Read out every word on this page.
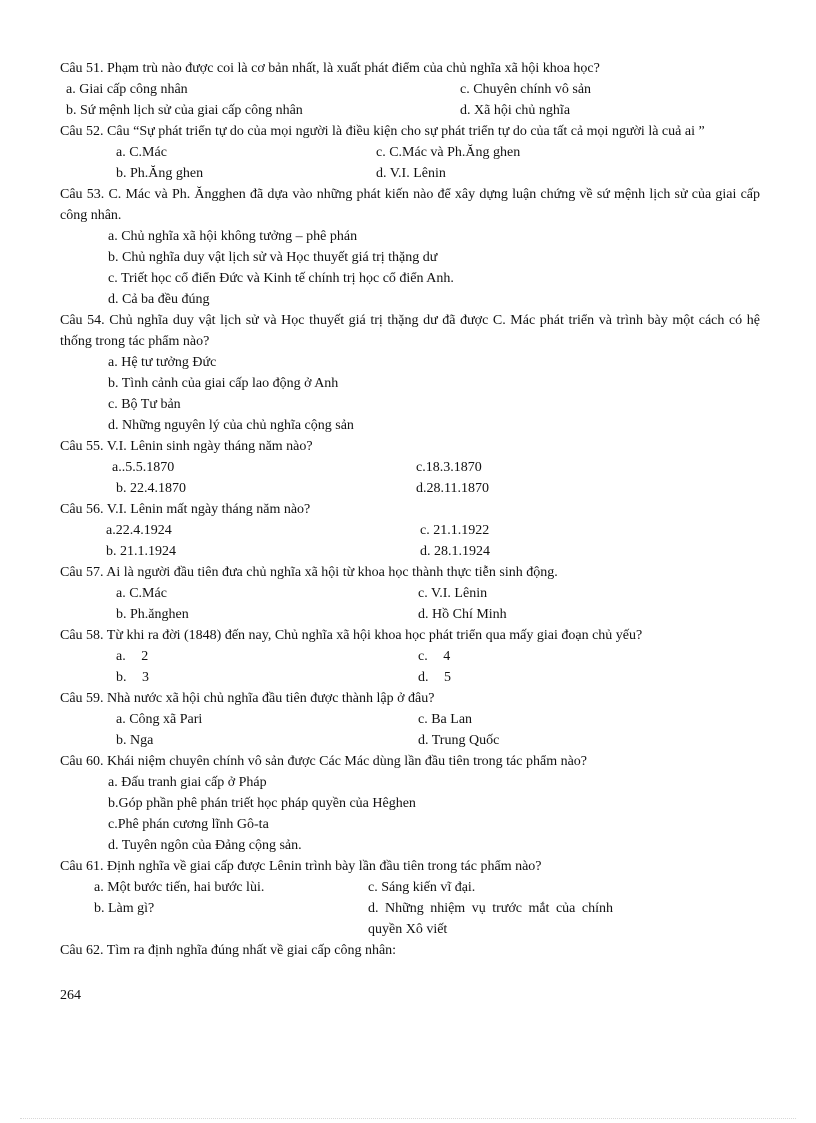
Câu 51. Phạm trù nào được coi là cơ bản nhất, là xuất phát điểm của chủ nghĩa xã hội khoa học?
a. Giai cấp công nhân	c. Chuyên chính vô sản
b. Sứ mệnh lịch sử của giai cấp công nhân	d. Xã hội chủ nghĩa
Câu 52. Câu “Sự phát triển tự do của mọi người là điều kiện cho sự phát triển tự do của tất cả mọi người là cuả ai ”
a. C.Mác	c. C.Mác và Ph.Ăng ghen
b. Ph.Ăng ghen	d. V.I. Lênin
Câu 53. C. Mác và Ph. Ăngghen đã dựa vào những phát kiến nào để xây dựng luận chứng về sứ mệnh lịch sử của giai cấp công nhân.
a. Chủ nghĩa xã hội không tưởng – phê phán
b. Chủ nghĩa duy vật lịch sử và Học thuyết giá trị thặng dư
c. Triết học cổ điển Đức và Kinh tế chính trị học cổ điển Anh.
d. Cả ba đều đúng
Câu 54. Chủ nghĩa duy vật lịch sử và Học thuyết giá trị thặng dư đã được C. Mác phát triển và trình bày một cách có hệ thống trong tác phẩm nào?
a. Hệ tư tưởng Đức
b. Tình cảnh của giai cấp lao động ở Anh
c. Bộ Tư bản
d. Những nguyên lý của chủ nghĩa cộng sản
Câu 55. V.I. Lênin sinh ngày tháng năm nào?
a..5.5.1870	c.18.3.1870
b. 22.4.1870	d.28.11.1870
Câu 56. V.I. Lênin mất ngày tháng năm nào?
a.22.4.1924	c. 21.1.1922
b. 21.1.1924	d. 28.1.1924
Câu 57. Ai là người đầu tiên đưa chủ nghĩa xã hội từ khoa học thành thực tiễn sinh động.
a. C.Mác	c. V.I. Lênin
b. Ph.ănghen	d. Hồ Chí Minh
Câu 58. Từ khi ra đời (1848) đến nay, Chủ nghĩa xã hội khoa học phát triển qua mấy giai đoạn chủ yếu?
a. 2	c. 4
b. 3	d. 5
Câu 59. Nhà nước xã hội chủ nghĩa đầu tiên được thành lập ở đâu?
a. Công xã Pari	c. Ba Lan
b. Nga	d. Trung Quốc
Câu 60. Khái niệm chuyên chính vô sản được Các Mác dùng lần đầu tiên trong tác phẩm nào?
a. Đấu tranh giai cấp ở Pháp
b.Góp phần phê phán triết học pháp quyền của Hêghen
c.Phê phán cương lĩnh Gô-ta
d. Tuyên ngôn của Đảng cộng sản.
Câu 61. Định nghĩa về giai cấp được Lênin trình bày lần đầu tiên trong tác phẩm nào?
a. Một bước tiến, hai bước lùi.	c. Sáng kiến vĩ đại.
b. Làm gì?	d. Những nhiệm vụ trước mắt của chính
quyền Xô viết
Câu 62. Tìm ra định nghĩa đúng nhất về giai cấp công nhân:
264
